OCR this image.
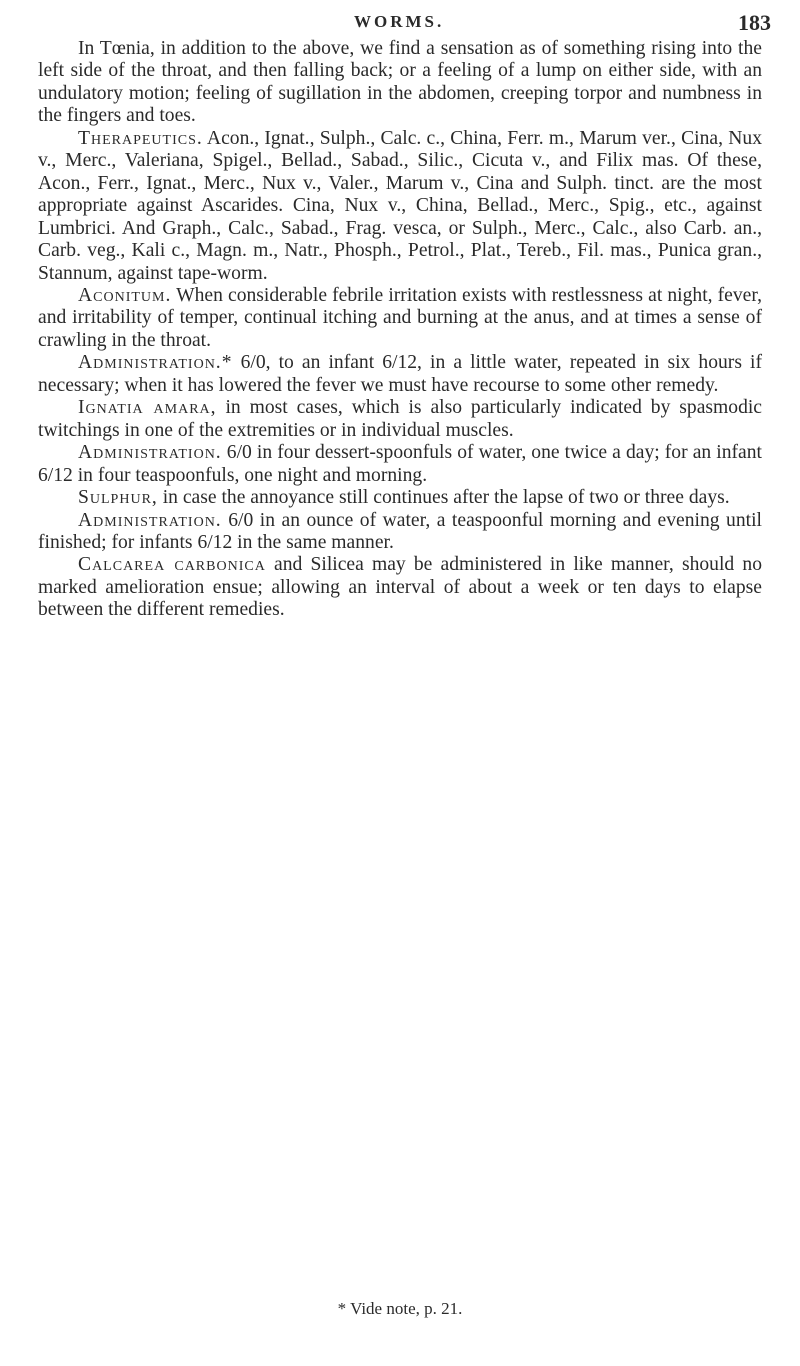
WORMS.	183

In Tœnia, in addition to the above, we find a sensation as of something rising into the left side of the throat, and then falling back; or a feeling of a lump on either side, with an undulatory motion; feeling of sugillation in the abdomen, creeping torpor and numbness in the fingers and toes.

Therapeutics. Acon., Ignat., Sulph., Calc. c., China, Ferr. m., Marum ver., Cina, Nux v., Merc., Valeriana, Spigel., Bellad., Sabad., Silic., Cicuta v., and Filix mas. Of these, Acon., Ferr., Ignat., Merc., Nux v., Valer., Marum v., Cina and Sulph. tinct. are the most appropriate against Ascarides. Cina, Nux v., China, Bellad., Merc., Spig., etc., against Lumbrici. And Graph., Calc., Sabad., Frag. vesca, or Sulph., Merc., Calc., also Carb. an., Carb. veg., Kali c., Magn. m., Natr., Phosph., Petrol., Plat., Tereb., Fil. mas., Punica gran., Stannum, against tape-worm.

Aconitum. When considerable febrile irritation exists with restlessness at night, fever, and irritability of temper, continual itching and burning at the anus, and at times a sense of crawling in the throat.

Administration.* 6/0, to an infant 6/12, in a little water, repeated in six hours if necessary; when it has lowered the fever we must have recourse to some other remedy.

Ignatia amara, in most cases, which is also particularly indicated by spasmodic twitchings in one of the extremities or in individual muscles.

Administration. 6/0 in four dessert-spoonfuls of water, one twice a day; for an infant 6/12 in four teaspoonfuls, one night and morning.

Sulphur, in case the annoyance still continues after the lapse of two or three days.

Administration. 6/0 in an ounce of water, a teaspoonful morning and evening until finished; for infants 6/12 in the same manner.

Calcarea carbonica and Silicea may be administered in like manner, should no marked amelioration ensue; allowing an interval of about a week or ten days to elapse between the different remedies.

* Vide note, p. 21.
